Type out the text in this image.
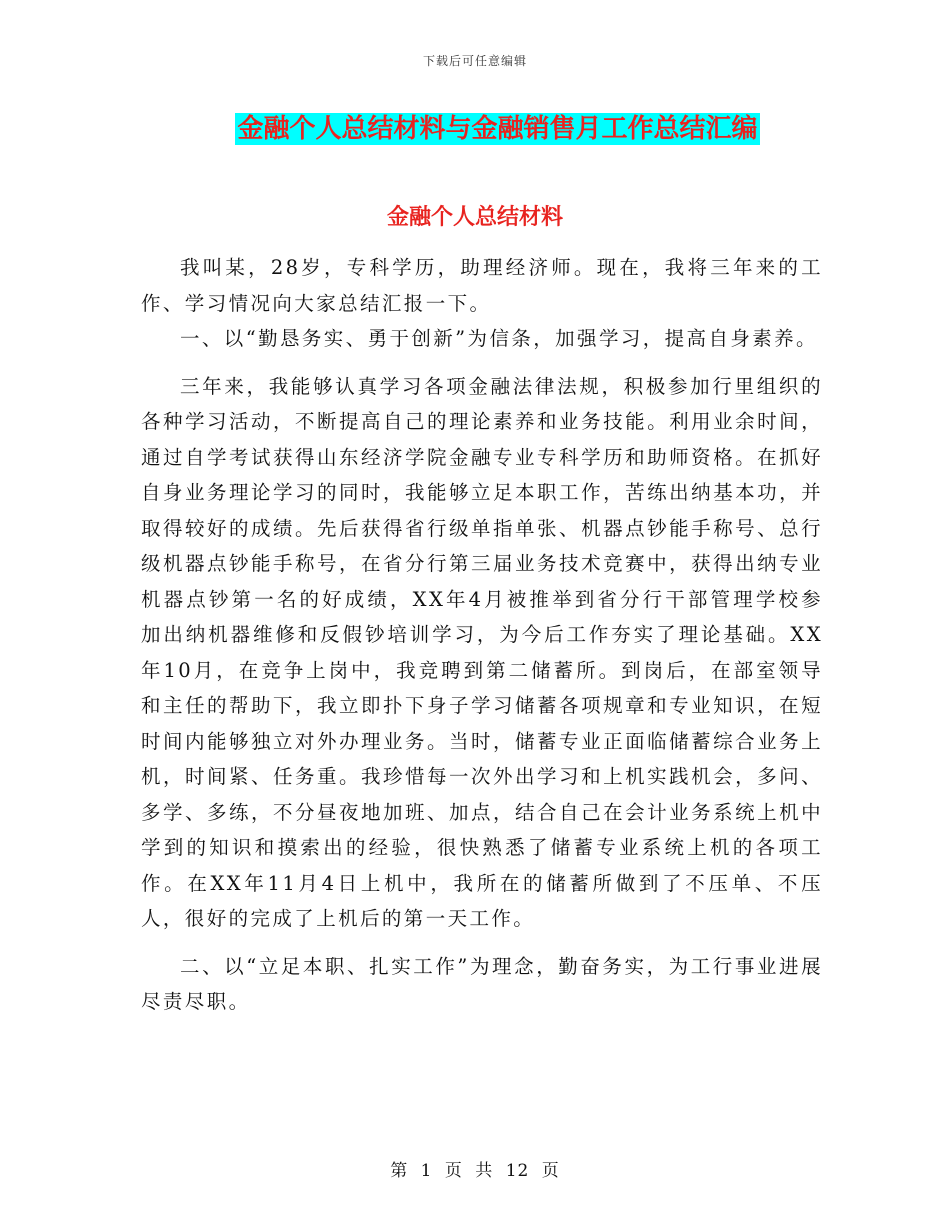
下载后可任意编辑
金融个人总结材料与金融销售月工作总结汇编
金融个人总结材料

我叫某，28岁，专科学历，助理经济师。现在，我将三年来的工作、学习情况向大家总结汇报一下。

一、以“勤恳务实、勇于创新”为信条，加强学习，提高自身素养。

三年来，我能够认真学习各项金融法律法规，积极参加行里组织的各种学习活动，不断提高自己的理论素养和业务技能。利用业余时间，通过自学考试获得山东经济学院金融专业专科学历和助师资格。在抓好自身业务理论学习的同时，我能够立足本职工作，苦练出纳基本功，并取得较好的成绩。先后获得省行级单指单张、机器点钞能手称号、总行级机器点钞能手称号，在省分行第三届业务技术竞赛中，获得出纳专业机器点钞第一名的好成绩，XX年4月被推举到省分行干部管理学校参加出纳机器维修和反假钞培训学习，为今后工作夯实了理论基础。XX年10月，在竞争上岗中，我竞聘到第二储蓄所。到岗后，在部室领导和主任的帮助下，我立即扑下身子学习储蓄各项规章和专业知识，在短时间内能够独立对外办理业务。当时，储蓄专业正面临储蓄综合业务上机，时间紧、任务重。我珍惜每一次外出学习和上机实践机会，多问、多学、多练，不分昼夜地加班、加点，结合自己在会计业务系统上机中学到的知识和摸索出的经验，很快熟悉了储蓄专业系统上机的各项工作。在XX年11月4日上机中，我所在的储蓄所做到了不压单、不压人，很好的完成了上机后的第一天工作。

二、以“立足本职、扎实工作”为理念，勤奋务实，为工行事业进展尽责尽职。

第 1 页 共 12 页
